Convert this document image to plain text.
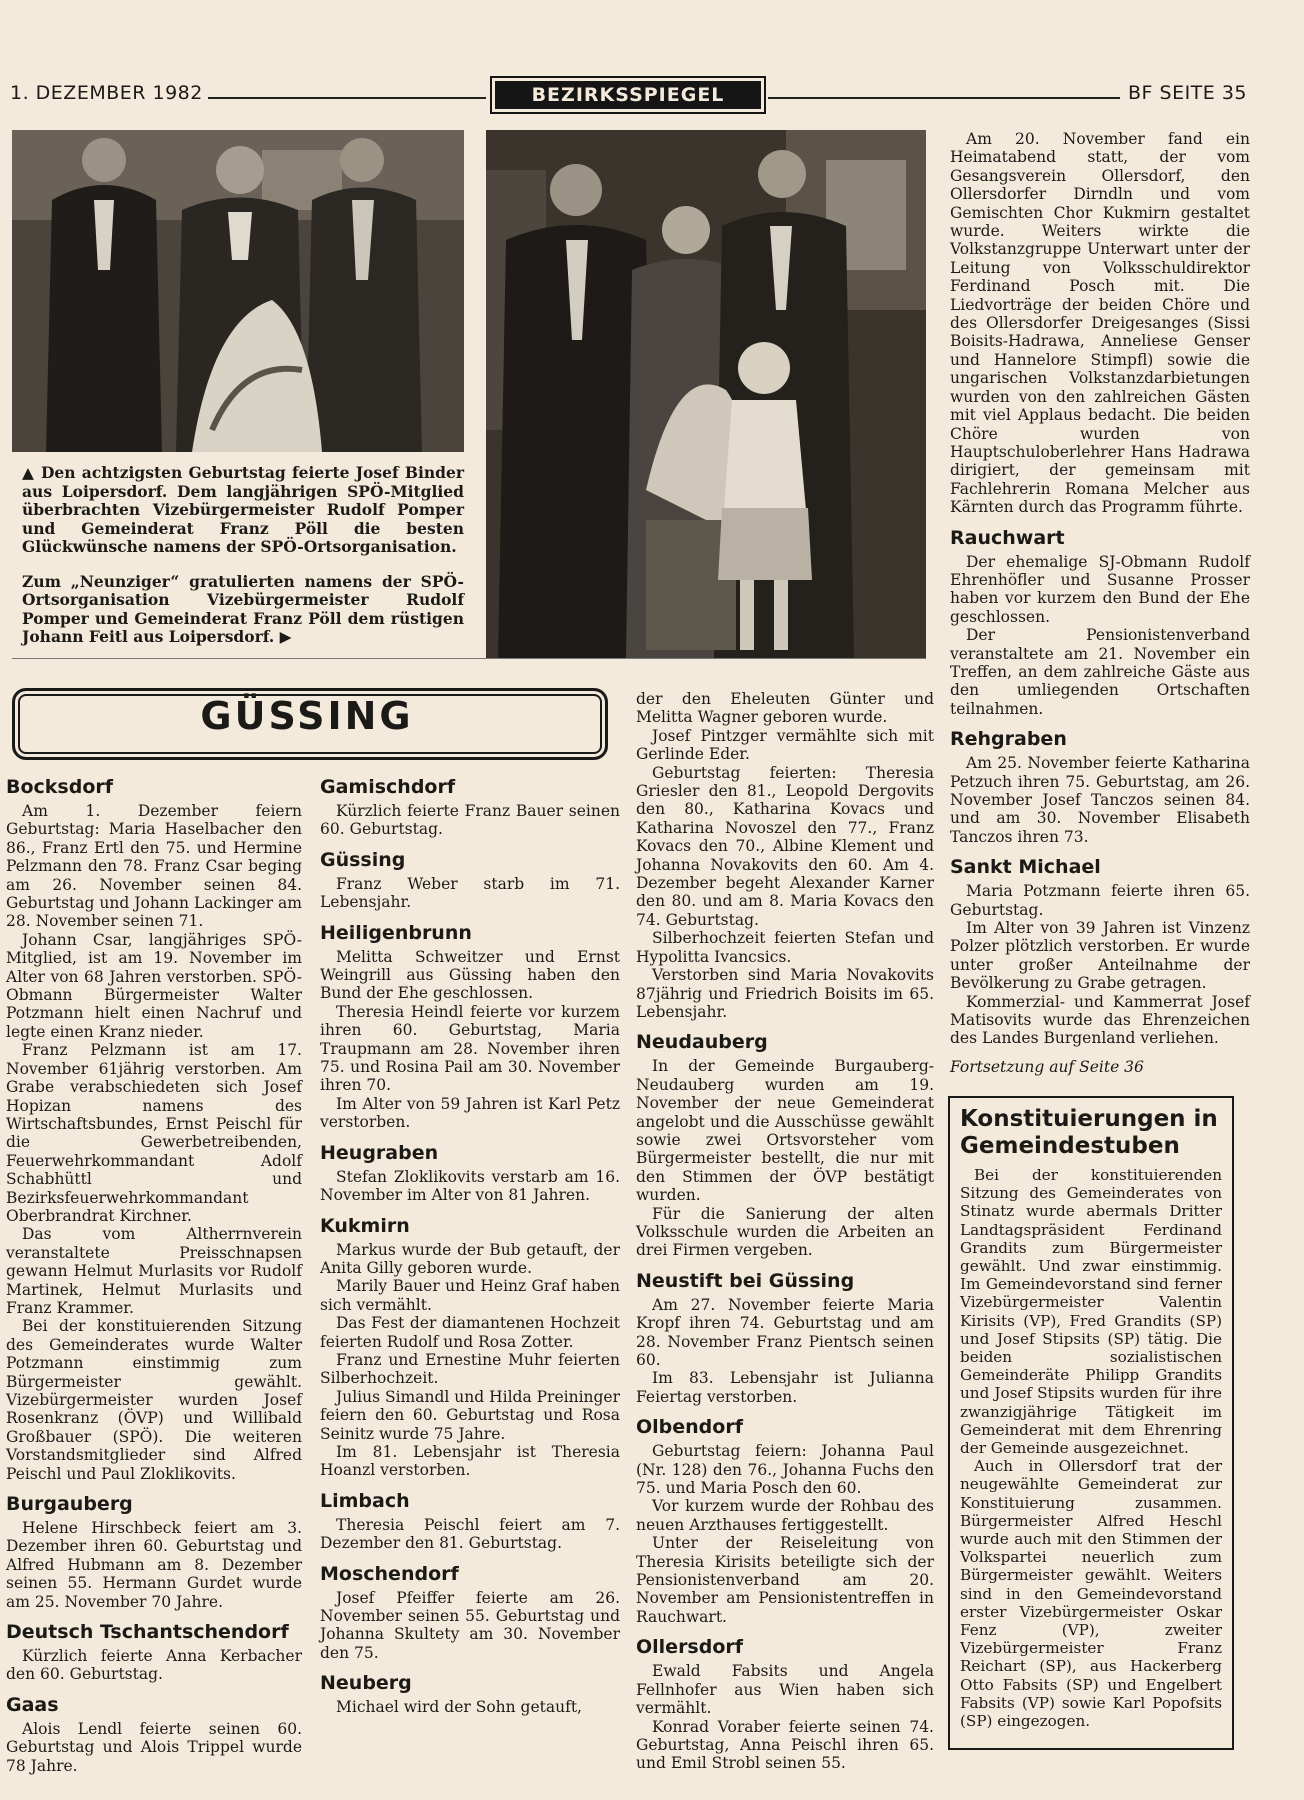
1. DEZEMBER 1982	BEZIRKSSPIEGEL	BF SEITE 35

▲ Den achtzigsten Geburtstag feierte Josef Binder aus Loipersdorf. Dem langjährigen SPÖ-Mitglied überbrachten Vizebürgermeister Rudolf Pomper und Gemeinderat Franz Pöll die besten Glückwünsche namens der SPÖ-Ortsorganisation.

Zum „Neunziger“ gratulierten namens der SPÖ-Ortsorganisation Vizebürgermeister Rudolf Pomper und Gemeinderat Franz Pöll dem rüstigen Johann Feitl aus Loipersdorf. ▶

GÜSSING
Bocksdorf

Am 1. Dezember feiern Geburtstag: Maria Haselbacher den 86., Franz Ertl den 75. und Hermine Pelzmann den 78. Franz Csar beging am 26. November seinen 84. Geburtstag und Johann Lackinger am 28. November seinen 71.

Johann Csar, langjähriges SPÖ-Mitglied, ist am 19. November im Alter von 68 Jahren verstorben. SPÖ-Obmann Bürgermeister Walter Potzmann hielt einen Nachruf und legte einen Kranz nieder.

Franz Pelzmann ist am 17. November 61jährig verstorben. Am Grabe verabschiedeten sich Josef Hopizan namens des Wirtschaftsbundes, Ernst Peischl für die Gewerbetreibenden, Feuerwehrkommandant Adolf Schabhüttl und Bezirksfeuerwehrkommandant Oberbrandrat Kirchner.

Das vom Altherrnverein veranstaltete Preisschnapsen gewann Helmut Murlasits vor Rudolf Martinek, Helmut Murlasits und Franz Krammer.

Bei der konstituierenden Sitzung des Gemeinderates wurde Walter Potzmann einstimmig zum Bürgermeister gewählt. Vizebürgermeister wurden Josef Rosenkranz (ÖVP) und Willibald Großbauer (SPÖ). Die weiteren Vorstandsmitglieder sind Alfred Peischl und Paul Zloklikovits.

Burgauberg

Helene Hirschbeck feiert am 3. Dezember ihren 60. Geburtstag und Alfred Hubmann am 8. Dezember seinen 55. Hermann Gurdet wurde am 25. November 70 Jahre.

Deutsch Tschantschendorf

Kürzlich feierte Anna Kerbacher den 60. Geburtstag.

Gaas

Alois Lendl feierte seinen 60. Geburtstag und Alois Trippel wurde 78 Jahre.

Gamischdorf

Kürzlich feierte Franz Bauer seinen 60. Geburtstag.

Güssing

Franz Weber starb im 71. Lebensjahr.

Heiligenbrunn

Melitta Schweitzer und Ernst Weingrill aus Güssing haben den Bund der Ehe geschlossen.

Theresia Heindl feierte vor kurzem ihren 60. Geburtstag, Maria Traupmann am 28. November ihren 75. und Rosina Pail am 30. November ihren 70.

Im Alter von 59 Jahren ist Karl Petz verstorben.

Heugraben

Stefan Zloklikovits verstarb am 16. November im Alter von 81 Jahren.

Kukmirn

Markus wurde der Bub getauft, der Anita Gilly geboren wurde.

Marily Bauer und Heinz Graf haben sich vermählt.

Das Fest der diamantenen Hochzeit feierten Rudolf und Rosa Zotter.

Franz und Ernestine Muhr feierten Silberhochzeit.

Julius Simandl und Hilda Preininger feiern den 60. Geburtstag und Rosa Seinitz wurde 75 Jahre.

Im 81. Lebensjahr ist Theresia Hoanzl verstorben.

Limbach

Theresia Peischl feiert am 7. Dezember den 81. Geburtstag.

Moschendorf

Josef Pfeiffer feierte am 26. November seinen 55. Geburtstag und Johanna Skultety am 30. November den 75.

Neuberg

Michael wird der Sohn getauft,

der den Eheleuten Günter und Melitta Wagner geboren wurde.

Josef Pintzger vermählte sich mit Gerlinde Eder.

Geburtstag feierten: Theresia Griesler den 81., Leopold Dergovits den 80., Katharina Kovacs und Katharina Novoszel den 77., Franz Kovacs den 70., Albine Klement und Johanna Novakovits den 60. Am 4. Dezember begeht Alexander Karner den 80. und am 8. Maria Kovacs den 74. Geburtstag.

Silberhochzeit feierten Stefan und Hypolitta Ivancsics.

Verstorben sind Maria Novakovits 87jährig und Friedrich Boisits im 65. Lebensjahr.

Neudauberg

In der Gemeinde Burgauberg-Neudauberg wurden am 19. November der neue Gemeinderat angelobt und die Ausschüsse gewählt sowie zwei Ortsvorsteher vom Bürgermeister bestellt, die nur mit den Stimmen der ÖVP bestätigt wurden.

Für die Sanierung der alten Volksschule wurden die Arbeiten an drei Firmen vergeben.

Neustift bei Güssing

Am 27. November feierte Maria Kropf ihren 74. Geburtstag und am 28. November Franz Pientsch seinen 60.

Im 83. Lebensjahr ist Julianna Feiertag verstorben.

Olbendorf

Geburtstag feiern: Johanna Paul (Nr. 128) den 76., Johanna Fuchs den 75. und Maria Posch den 60.

Vor kurzem wurde der Rohbau des neuen Arzthauses fertiggestellt.

Unter der Reiseleitung von Theresia Kirisits beteiligte sich der Pensionistenverband am 20. November am Pensionistentreffen in Rauchwart.

Ollersdorf

Ewald Fabsits und Angela Fellnhofer aus Wien haben sich vermählt.

Konrad Voraber feierte seinen 74. Geburtstag, Anna Peischl ihren 65. und Emil Strobl seinen 55.

Am 20. November fand ein Heimatabend statt, der vom Gesangsverein Ollersdorf, den Ollersdorfer Dirndln und vom Gemischten Chor Kukmirn gestaltet wurde. Weiters wirkte die Volkstanzgruppe Unterwart unter der Leitung von Volksschuldirektor Ferdinand Posch mit. Die Liedvorträge der beiden Chöre und des Ollersdorfer Dreigesanges (Sissi Boisits-Hadrawa, Anneliese Genser und Hannelore Stimpfl) sowie die ungarischen Volkstanzdarbietungen wurden von den zahlreichen Gästen mit viel Applaus bedacht. Die beiden Chöre wurden von Hauptschuloberlehrer Hans Hadrawa dirigiert, der gemeinsam mit Fachlehrerin Romana Melcher aus Kärnten durch das Programm führte.

Rauchwart

Der ehemalige SJ-Obmann Rudolf Ehrenhöfler und Susanne Prosser haben vor kurzem den Bund der Ehe geschlossen.

Der Pensionistenverband veranstaltete am 21. November ein Treffen, an dem zahlreiche Gäste aus den umliegenden Ortschaften teilnahmen.

Rehgraben

Am 25. November feierte Katharina Petzuch ihren 75. Geburtstag, am 26. November Josef Tanczos seinen 84. und am 30. November Elisabeth Tanczos ihren 73.

Sankt Michael

Maria Potzmann feierte ihren 65. Geburtstag.

Im Alter von 39 Jahren ist Vinzenz Polzer plötzlich verstorben. Er wurde unter großer Anteilnahme der Bevölkerung zu Grabe getragen.

Kommerzial- und Kammerrat Josef Matisovits wurde das Ehrenzeichen des Landes Burgenland verliehen.

Fortsetzung auf Seite 36

Konstituierungen in Gemeindestuben

Bei der konstituierenden Sitzung des Gemeinderates von Stinatz wurde abermals Dritter Landtagspräsident Ferdinand Grandits zum Bürgermeister gewählt. Und zwar einstimmig. Im Gemeindevorstand sind ferner Vizebürgermeister Valentin Kirisits (VP), Fred Grandits (SP) und Josef Stipsits (SP) tätig. Die beiden sozialistischen Gemeinderäte Philipp Grandits und Josef Stipsits wurden für ihre zwanzigjährige Tätigkeit im Gemeinderat mit dem Ehrenring der Gemeinde ausgezeichnet.

Auch in Ollersdorf trat der neugewählte Gemeinderat zur Konstituierung zusammen. Bürgermeister Alfred Heschl wurde auch mit den Stimmen der Volkspartei neuerlich zum Bürgermeister gewählt. Weiters sind in den Gemeindevorstand erster Vizebürgermeister Oskar Fenz (VP), zweiter Vizebürgermeister Franz Reichart (SP), aus Hackerberg Otto Fabsits (SP) und Engelbert Fabsits (VP) sowie Karl Popofsits (SP) eingezogen.
